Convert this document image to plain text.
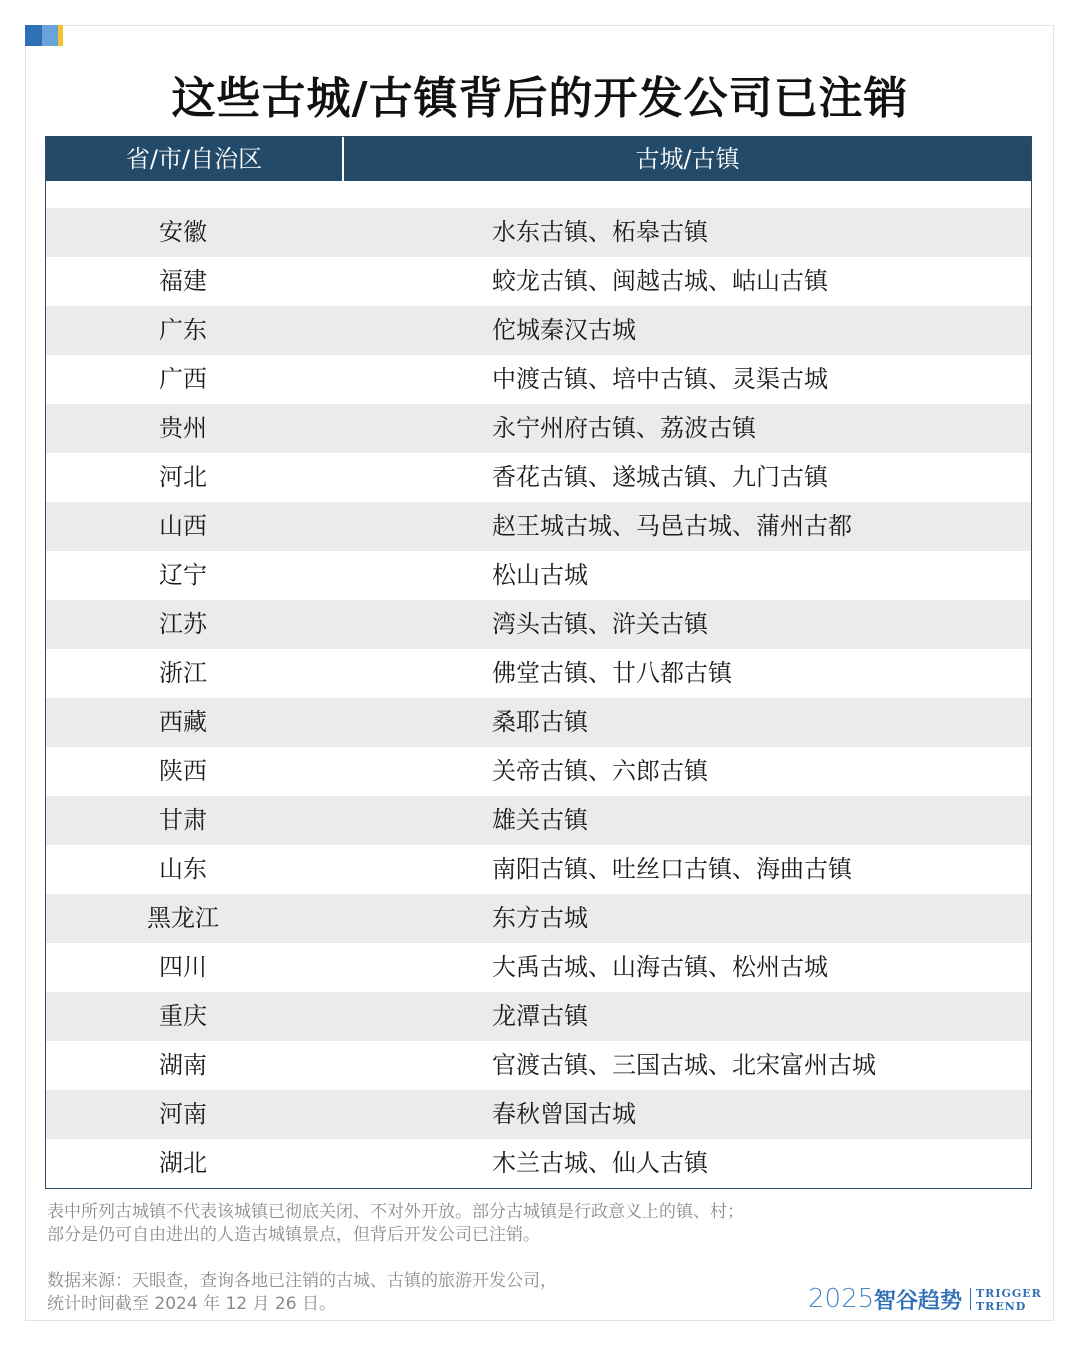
这些古城/古镇背后的开发公司已注销
省/市/自治区	古城/古镇
安徽	水东古镇、柘皋古镇
福建	蛟龙古镇、闽越古城、岵山古镇
广东	佗城秦汉古城
广西	中渡古镇、培中古镇、灵渠古城
贵州	永宁州府古镇、荔波古镇
河北	香花古镇、遂城古镇、九门古镇
山西	赵王城古城、马邑古城、蒲州古都
辽宁	松山古城
江苏	湾头古镇、浒关古镇
浙江	佛堂古镇、廿八都古镇
西藏	桑耶古镇
陕西	关帝古镇、六郎古镇
甘肃	雄关古镇
山东	南阳古镇、吐丝口古镇、海曲古镇
黑龙江	东方古城
四川	大禹古城、山海古镇、松州古城
重庆	龙潭古镇
湖南	官渡古镇、三国古城、北宋富州古城
河南	春秋曾国古城
湖北	木兰古城、仙人古镇
表中所列古城镇不代表该城镇已彻底关闭、不对外开放。部分古城镇是行政意义上的镇、村；
部分是仍可自由进出的人造古城镇景点，但背后开发公司已注销。
数据来源：天眼查，查询各地已注销的古城、古镇的旅游开发公司，
统计时间截至 2024 年 12 月 26 日。	2025 智谷趋势 TRIGGER
TREND
